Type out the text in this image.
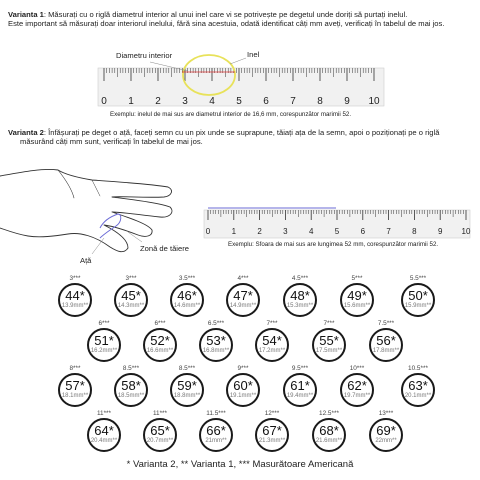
Varianta 1: Măsurați cu o riglă diametrul interior al unui inel care vi se potrivește pe degetul unde doriți să purtați inelul.
Este important să măsurați doar interiorul inelului, fără sina acestuia, odată identificat câți mm aveți, verificați în tabelul de mai jos.

Varianta 2: Înfășurați pe deget o ață, faceți semn cu un pix unde se suprapune, tăiați ața de la semn, apoi o poziționați pe o riglă
măsurând câți mm sunt, verificați în tabelul de mai jos.

0 1 2 3 4 5 6 7 8 9 10
0	1	2	3	4	5	6	7	8	9 10
Diametru interior	Inel
Exemplu: inelul de mai sus are diametrul interior de 16,6 mm, corespunzător marimii 52.
Zonă de tăiere
Ață
Exemplu: Sfoara de mai sus are lungimea 52 mm, corespunzător marimii 52.
3***
44*
13.9mm**
3***
45*
14.3mm**
3.5***
46*
14.6mm**
4***
47*
14.9mm**
4.5***
48*
15.3mm**
5***
49*
15.6mm**
5.5***
50*
15.9mm**
6***
51*
16.2mm**
6***
52*
16.6mm**
6.5***
53*
16.8mm**
7***
54*
17.2mm**
7***
55*
17.5mm**
7.5***
56*
17.8mm**
8***
57*
18.1mm**
8.5***
58*
18.5mm**
8.5***
59*
18.8mm**
9***
60*
19.1mm**
9.5***
61*
19.4mm**
10***
62*
19.7mm**
10.5***
63*
20.1mm**
11***
64*
20.4mm**
11***
65*
20.7mm**
11.5***
66*
21mm**
12***
67*
21.3mm**
12.5***
68*
21.6mm**
13***
69*
22mm**
* Varianta 2, ** Varianta 1, *** Masurătoare Americană
